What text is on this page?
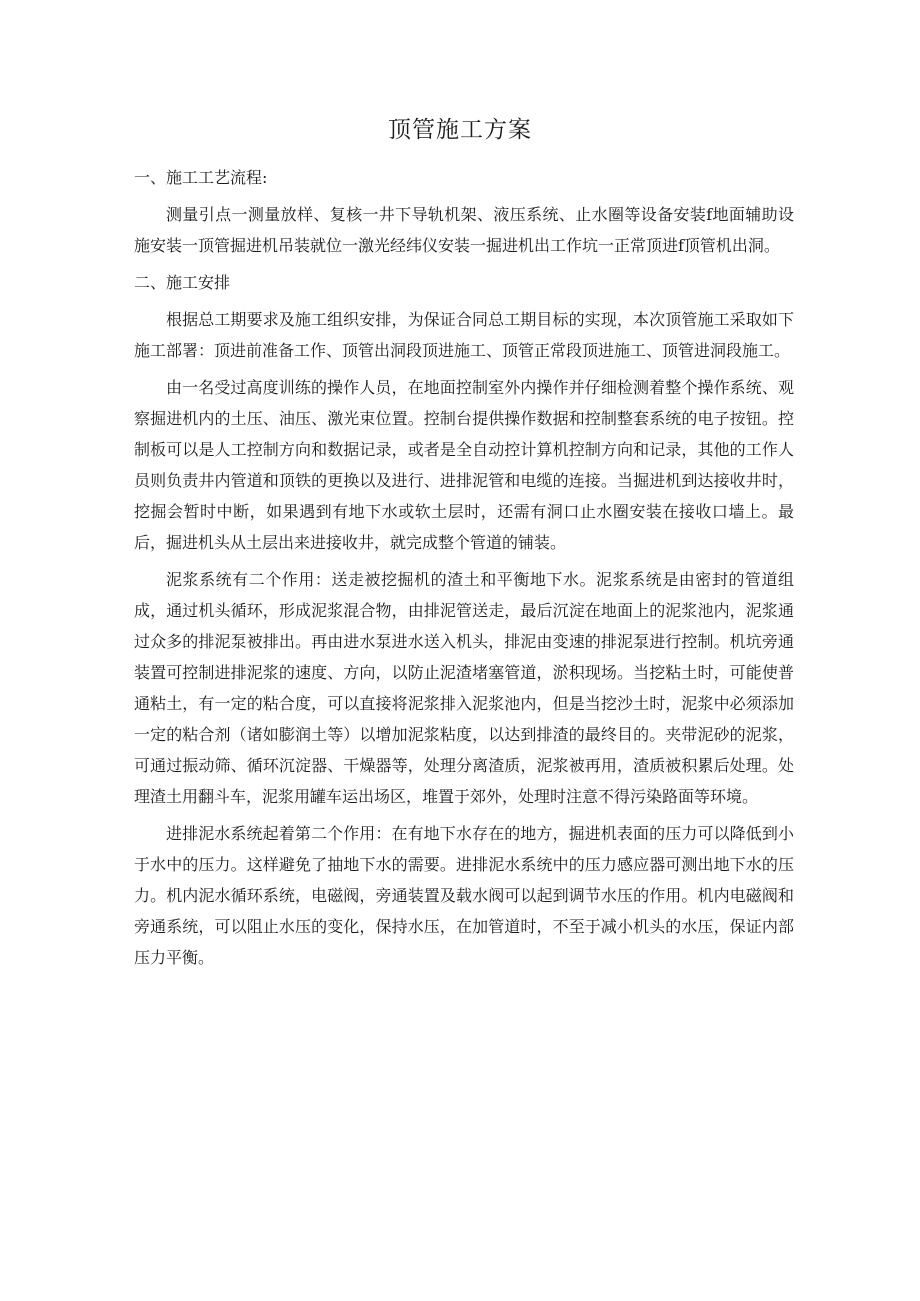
顶管施工方案

一、施工工艺流程:

测量引点一测量放样、复核一井下导轨机架、液压系统、止水圈等设备安装f地面辅助设施安装一顶管掘进机吊装就位一激光经纬仪安装一掘进机出工作坑一正常顶进f顶管机出洞。

二、施工安排

根据总工期要求及施工组织安排，为保证合同总工期目标的实现，本次顶管施工采取如下施工部署：顶进前准备工作、顶管出洞段顶进施工、顶管正常段顶进施工、顶管进洞段施工。

由一名受过高度训练的操作人员，在地面控制室外内操作并仔细检测着整个操作系统、观察掘进机内的土压、油压、激光束位置。控制台提供操作数据和控制整套系统的电子按钮。控制板可以是人工控制方向和数据记录，或者是全自动控计算机控制方向和记录，其他的工作人员则负责井内管道和顶铁的更换以及进行、进排泥管和电缆的连接。当掘进机到达接收井时，挖掘会暂时中断，如果遇到有地下水或软土层时，还需有洞口止水圈安装在接收口墙上。最后，掘进机头从土层出来进接收井，就完成整个管道的铺装。

泥浆系统有二个作用：送走被挖掘机的渣土和平衡地下水。泥浆系统是由密封的管道组成，通过机头循环，形成泥浆混合物，由排泥管送走，最后沉淀在地面上的泥浆池内，泥浆通过众多的排泥泵被排出。再由进水泵进水送入机头，排泥由变速的排泥泵进行控制。机坑旁通装置可控制进排泥浆的速度、方向，以防止泥渣堵塞管道，淤积现场。当挖粘土时，可能使普通粘土，有一定的粘合度，可以直接将泥浆排入泥浆池内，但是当挖沙土时，泥浆中必须添加一定的粘合剂（诸如膨润土等）以增加泥浆粘度，以达到排渣的最终目的。夹带泥砂的泥浆，可通过振动筛、循环沉淀器、干燥器等，处理分离渣质，泥浆被再用，渣质被积累后处理。处理渣土用翻斗车，泥浆用罐车运出场区，堆置于郊外，处理时注意不得污染路面等环境。

进排泥水系统起着第二个作用：在有地下水存在的地方，掘进机表面的压力可以降低到小于水中的压力。这样避免了抽地下水的需要。进排泥水系统中的压力感应器可测出地下水的压力。机内泥水循环系统，电磁阀，旁通装置及载水阀可以起到调节水压的作用。机内电磁阀和旁通系统，可以阻止水压的变化，保持水压，在加管道时，不至于减小机头的水压，保证内部压力平衡。
